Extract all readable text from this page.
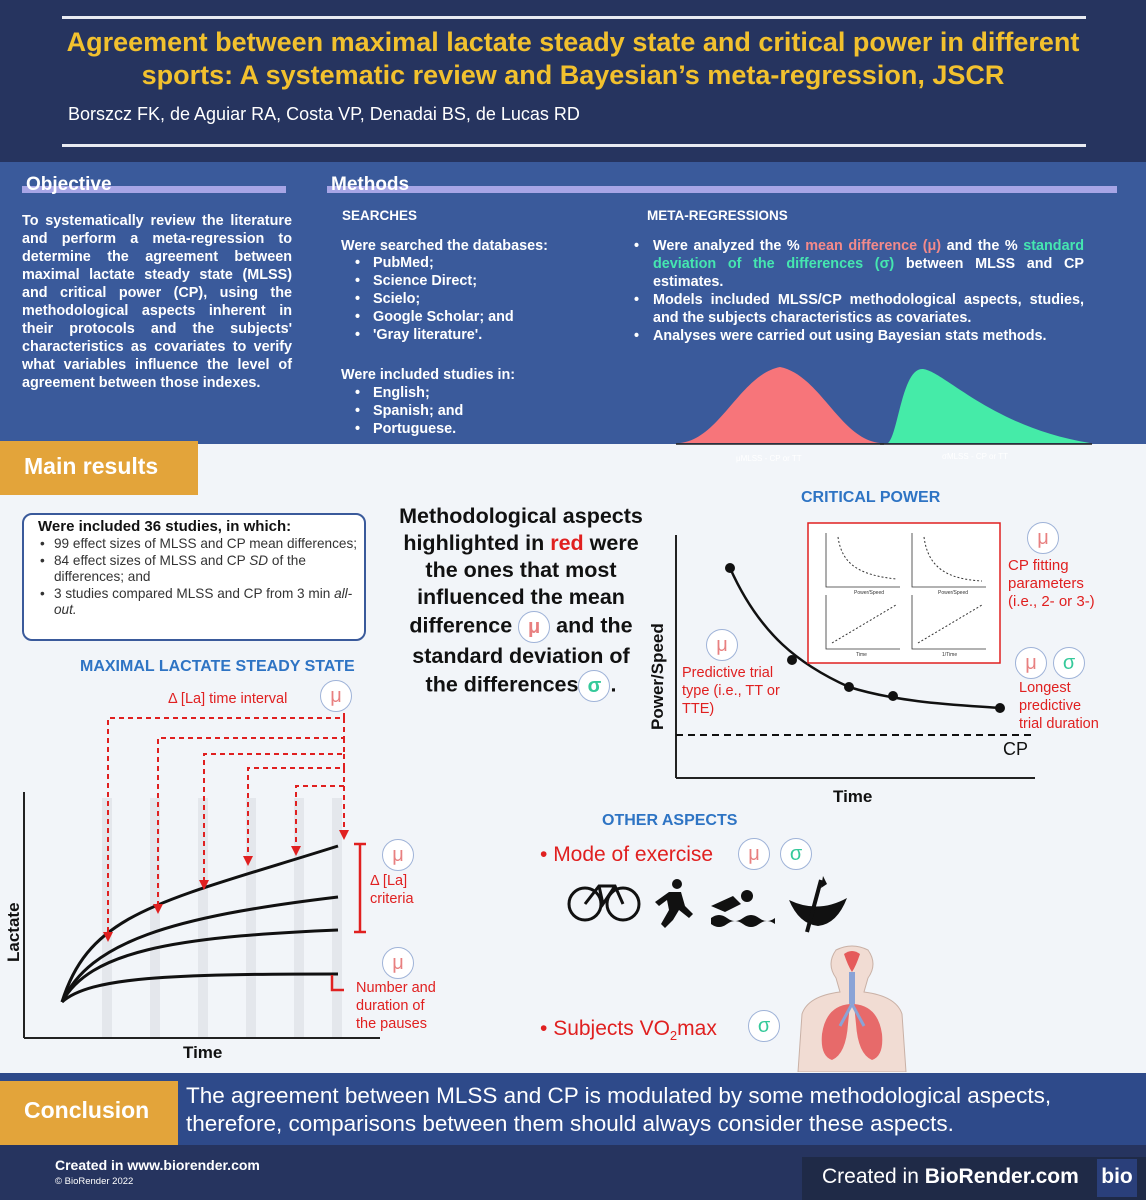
Agreement between maximal lactate steady state and critical power in different sports: A systematic review and Bayesian’s meta-regression, JSCR
Borszcz FK, de Aguiar RA, Costa VP, Denadai BS, de Lucas RD
Objective
To systematically review the literature and perform a meta-regression to determine the agreement between maximal lactate steady state (MLSS) and critical power (CP), using the methodological aspects inherent in their protocols and the subjects' characteristics as covariates to verify what variables influence the level of agreement between those indexes.
Methods
SEARCHES
Were searched the databases:
• PubMed;
• Science Direct;
• Scielo;
• Google Scholar; and
• 'Gray literature'.
Were included studies in:
• English;
• Spanish; and
• Portuguese.
META-REGRESSIONS
• Were analyzed the % mean difference (μ) and the % standard deviation of the differences (σ) between MLSS and CP estimates.
• Models included MLSS/CP methodological aspects, studies, and the subjects characteristics as covariates.
• Analyses were carried out using Bayesian stats methods.
μMLSS - CP or TT	σMLSS - CP or TT
Main results
Were included 36 studies, in which:
• 99 effect sizes of MLSS and CP mean differences;
• 84 effect sizes of MLSS and CP SD of the differences; and
• 3 studies compared MLSS and CP from 3 min all-out.
Methodological aspects highlighted in red were the ones that most influenced the mean difference μ and the standard deviation of the differences σ .
MAXIMAL LACTATE STEADY STATE
Δ [La] time interval	μ
μ
Δ [La]
criteria
μ
Number and
duration of
the pauses
Time
Lactate
CRITICAL POWER
Power/Speed	Power/Speed
Time	1/Time
Power/Speed
Time
CP
μ
CP fitting
parameters
(i.e., 2- or 3-)
μ
Predictive trial
type (i.e., TT or
TTE)
μ	σ
Longest
predictive
trial duration
OTHER ASPECTS
• Mode of exercise	μ	σ
• Subjects $VO_2\max$	σ
Conclusion
The agreement between MLSS and CP is modulated by some methodological aspects, therefore, comparisons between them should always consider these aspects.
Created in www.biorender.com
© BioRender 2022	Created in BioRender.com bio
